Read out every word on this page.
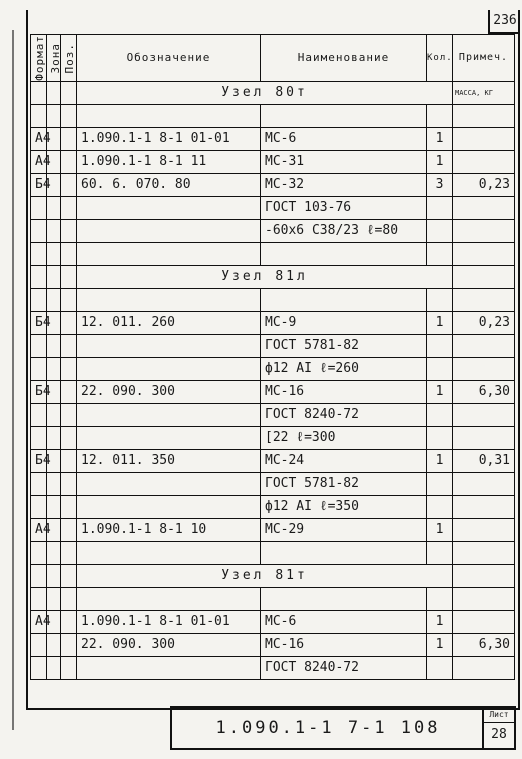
236
Формат	Зона	Поз.	Обозначение	Наименование	Кол.	Примеч.
			Узел 80т			МАССА, КГ

А4			1.090.1-1 8-1 01-01	МС-6	1	
А4			1.090.1-1 8-1 11	МС-31	1	
Б4			60. 6. 070. 80	МС-32	3	0,23
				ГОСТ 103-76		
				-60х6 С38/23 ℓ=80		

			Узел 81л			

Б4			12. 011. 260	МС-9	1	0,23
				ГОСТ 5781-82		
				ф12 АI ℓ=260		
Б4			22. 090. 300	МС-16	1	6,30
				ГОСТ 8240-72		
				[22 ℓ=300		
Б4			12. 011. 350	МС-24	1	0,31
				ГОСТ 5781-82		
				ф12 АI ℓ=350		
А4			1.090.1-1 8-1 10	МС-29	1	

			Узел 81т			

А4			1.090.1-1 8-1 01-01	МС-6	1	
			22. 090. 300	МС-16	1	6,30
				ГОСТ 8240-72		
1.090.1-1 7-1 108
Лист
28
